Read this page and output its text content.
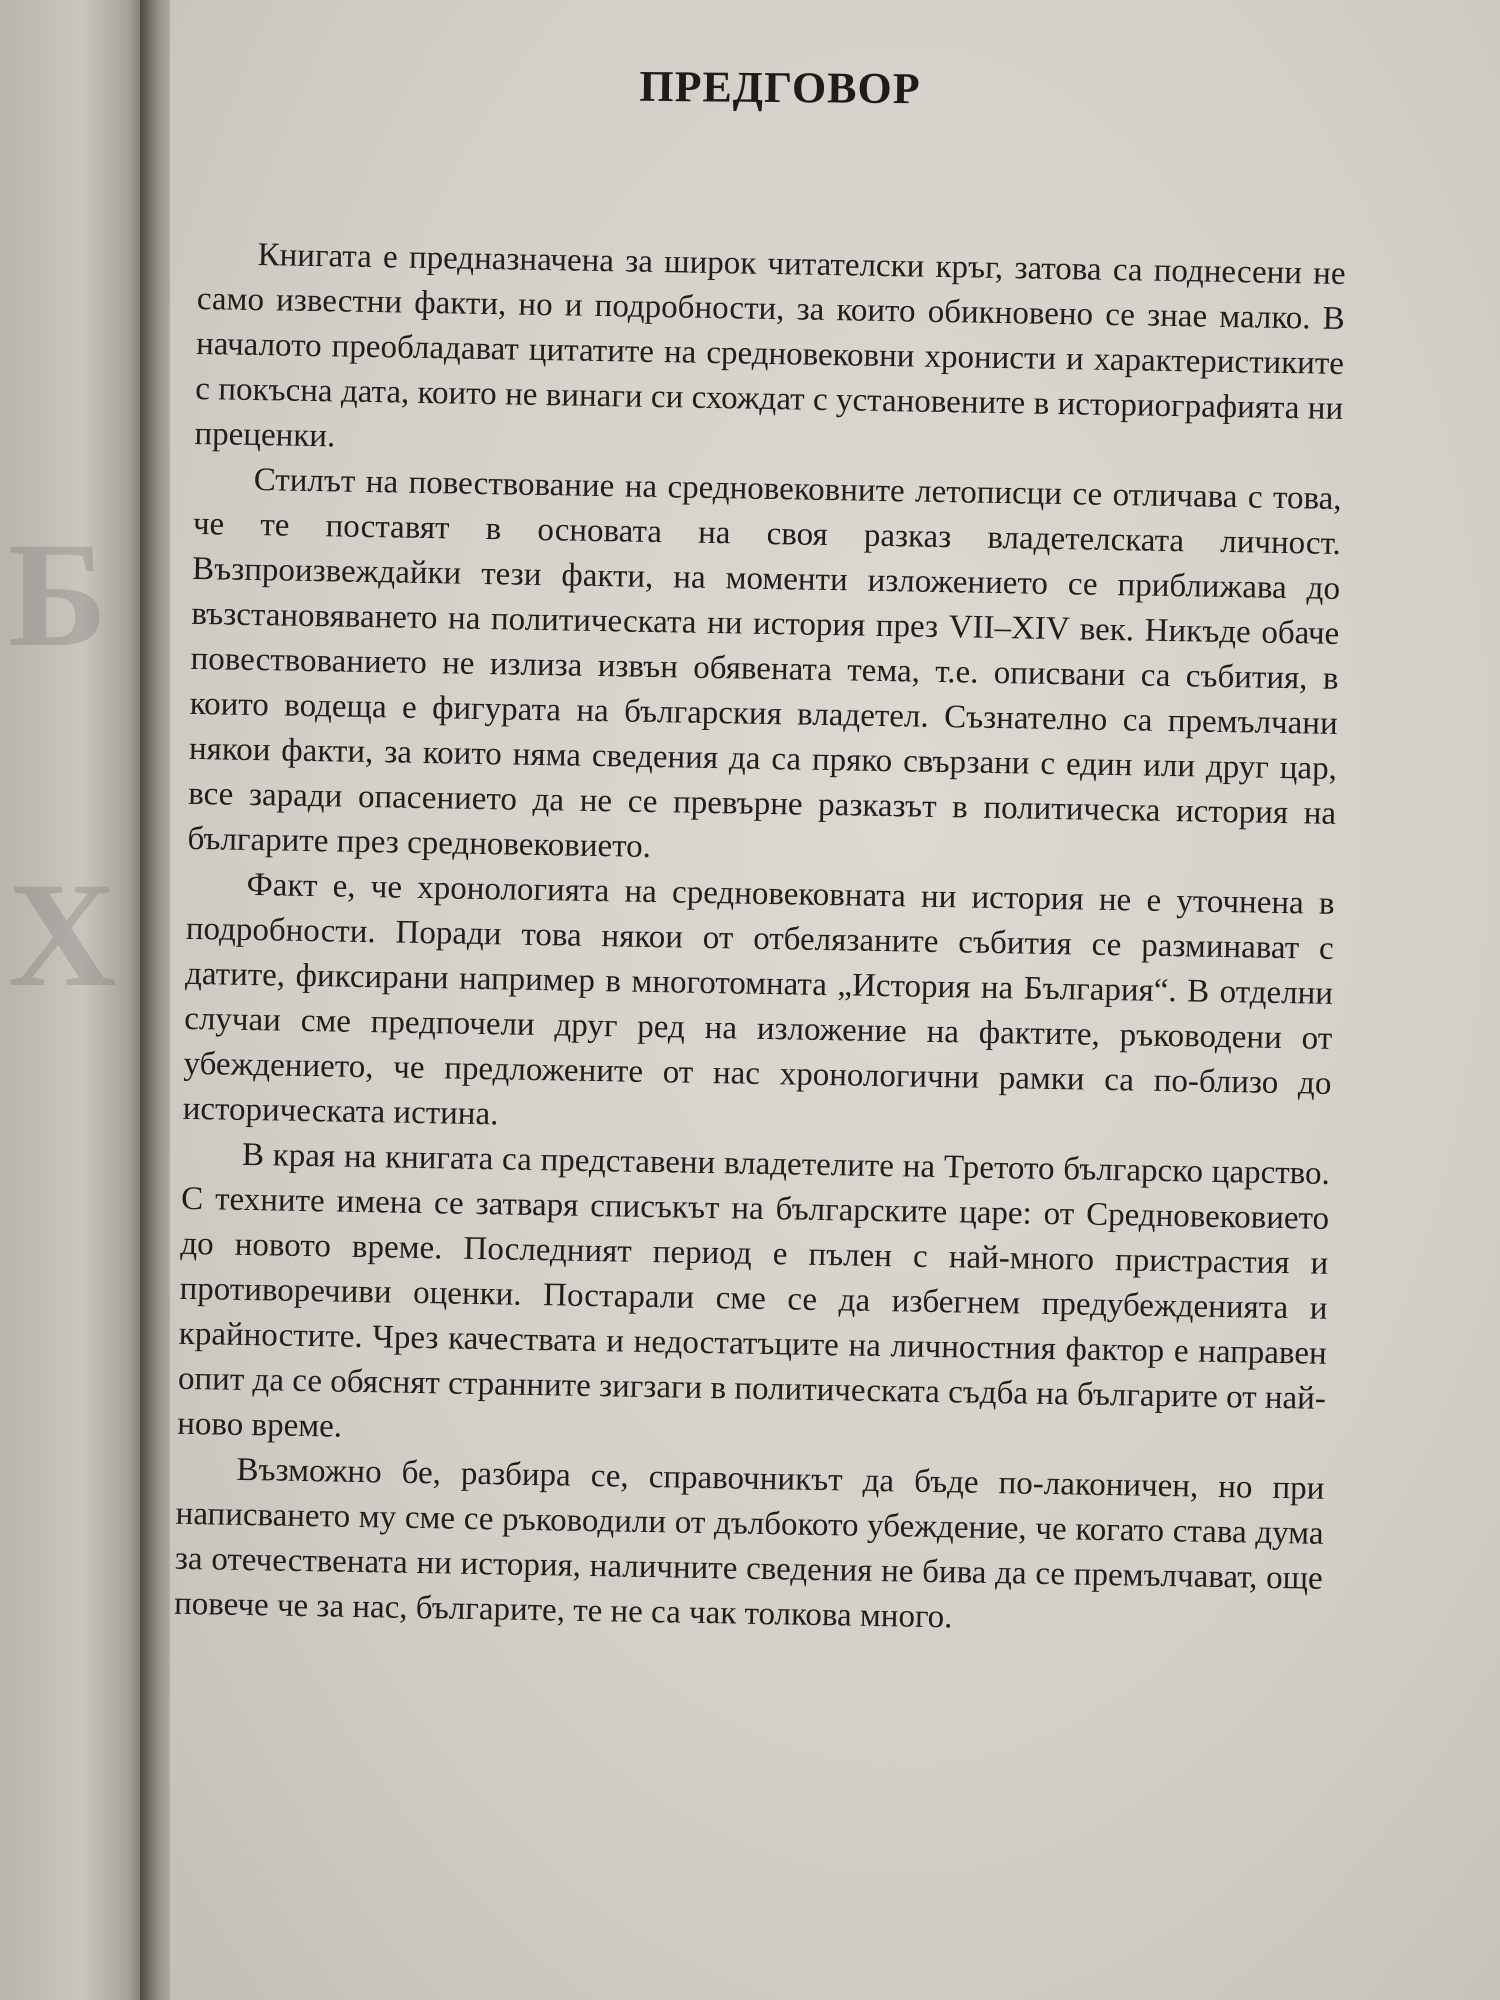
Б
Х
ПРЕДГОВОР

Книгата е предназначена за широк читателски кръг, затова са поднесени не само известни факти, но и подробности, за които обикновено се знае малко. В началото преобладават цитатите на средновековни хронисти и характеристиките с покъсна дата, които не винаги си схождат с установените в историографията ни преценки.

Стилът на повествование на средновековните летописци се отличава с това, че те поставят в основата на своя разказ владетелската личност. Възпроизвеждайки тези факти, на моменти изложението се приближава до възстановяването на политическата ни история през VII–XIV век. Никъде обаче повествованието не излиза извън обявената тема, т.е. описвани са събития, в които водеща е фигурата на българския владетел. Съзнателно са премълчани някои факти, за които няма сведения да са пряко свързани с един или друг цар, все заради опасението да не се превърне разказът в политическа история на българите през средновековието.

Факт е, че хронологията на средновековната ни история не е уточнена в подробности. Поради това някои от отбелязaните събития се разминават с датите, фиксирани например в многотомната „История на България“. В отделни случаи сме предпочели друг ред на изложение на фактите, ръководени от убеждението, че предложените от нас хронологични рамки са по-близо до историческата истина.

В края на книгата са представени владетелите на Третото българско царство. С техните имена се затваря списъкът на българските царе: от Средновековието до новото време. Последният период е пълен с най-много пристрастия и противоречиви оценки. Постарали сме се да избегнем предубежденията и крайностите. Чрез качествата и недостатъците на личностния фактор е направен опит да се обяснят странните зигзаги в политическата съдба на българите от най-ново време.

Възможно бе, разбира се, справочникът да бъде по-лаконичен, но при написването му сме се ръководили от дълбокото убеждение, че когато става дума за отечествената ни история, наличните сведения не бива да се премълчават, още повече че за нас, българите, те не са чак толкова много.
